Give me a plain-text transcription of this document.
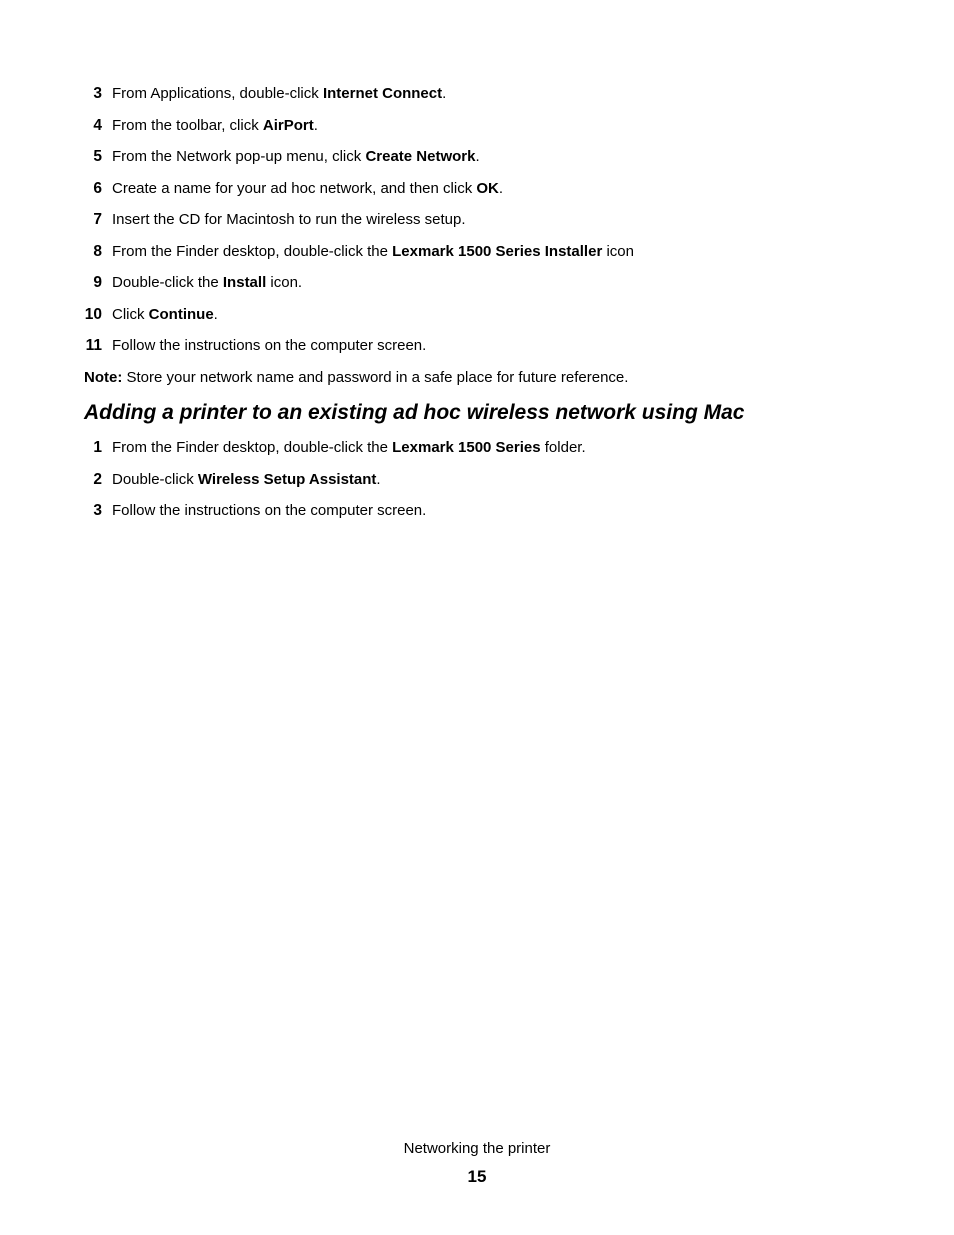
3 From Applications, double-click Internet Connect.
4 From the toolbar, click AirPort.
5 From the Network pop-up menu, click Create Network.
6 Create a name for your ad hoc network, and then click OK.
7 Insert the CD for Macintosh to run the wireless setup.
8 From the Finder desktop, double-click the Lexmark 1500 Series Installer icon
9 Double-click the Install icon.
10 Click Continue.
11 Follow the instructions on the computer screen.
Note: Store your network name and password in a safe place for future reference.
Adding a printer to an existing ad hoc wireless network using Mac
1 From the Finder desktop, double-click the Lexmark 1500 Series folder.
2 Double-click Wireless Setup Assistant.
3 Follow the instructions on the computer screen.
Networking the printer
15
